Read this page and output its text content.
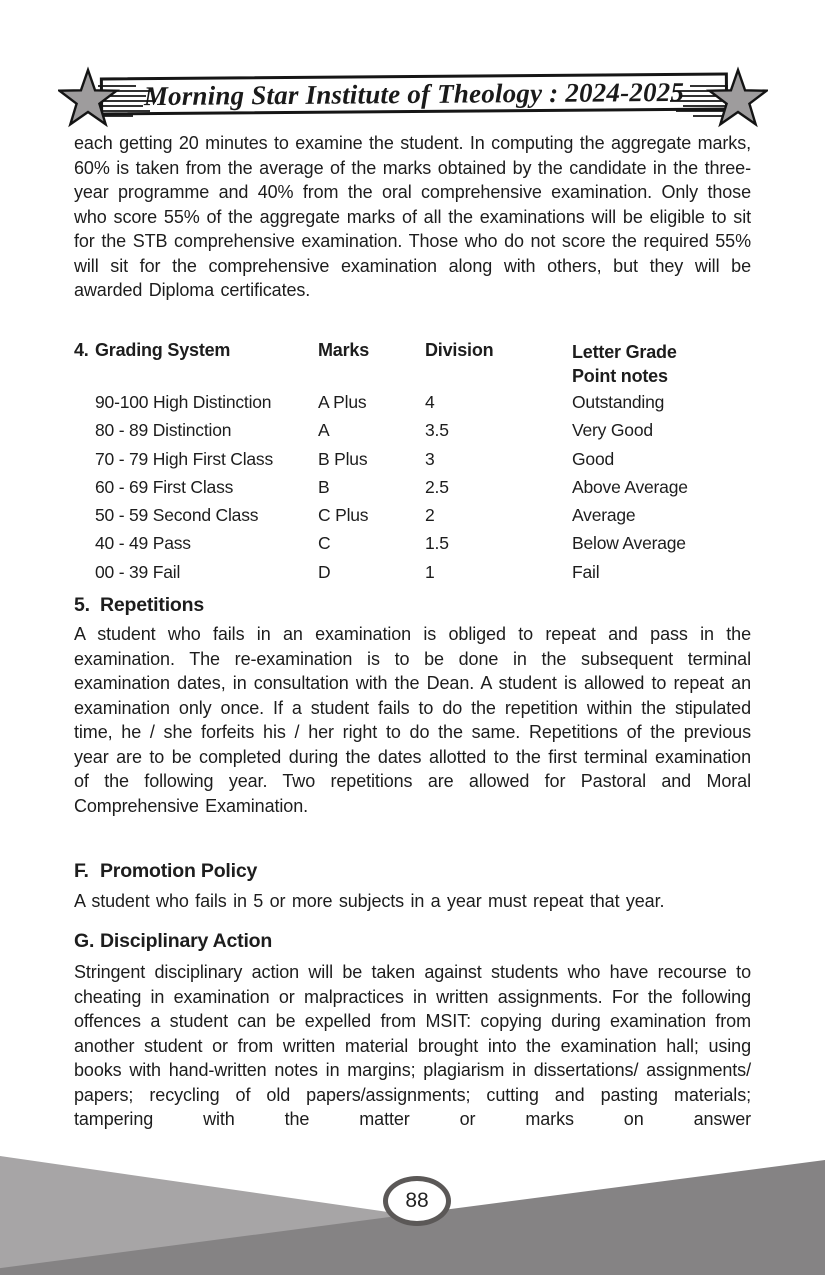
Morning Star Institute of Theology : 2024-2025

each getting 20 minutes to examine the student. In computing the aggregate marks, 60% is taken from the average of the marks obtained by the candidate in the three-year programme and 40% from the oral comprehensive examination. Only those who score 55% of the aggregate marks of all the examinations will be eligible to sit for the STB comprehensive examination. Those who do not score the required 55% will sit for the comprehensive examination along with others, but they will be awarded Diploma certificates.

4. Grading System	Marks	Division	Letter Grade
Point notes
90-100 High Distinction	A Plus	4	Outstanding
80 - 89 Distinction	A	3.5	Very Good
70 - 79 High First Class	B Plus	3	Good
60 - 69 First Class	B	2.5	Above Average
50 - 59 Second Class	C Plus	2	Average
40 - 49 Pass	C	1.5	Below Average
00 - 39 Fail	D	1	Fail
5. Repetitions

A student who fails in an examination is obliged to repeat and pass in the examination. The re-examination is to be done in the subsequent terminal examination dates, in consultation with the Dean. A student is allowed to repeat an examination only once. If a student fails to do the repetition within the stipulated time, he / she forfeits his / her right to do the same. Repetitions of the previous year are to be completed during the dates allotted to the first terminal examination of the following year. Two repetitions are allowed for Pastoral and Moral Comprehensive Examination.

F. Promotion Policy

A student who fails in 5 or more subjects in a year must repeat that year.

G. Disciplinary Action

Stringent disciplinary action will be taken against students who have recourse to cheating in examination or malpractices in written assignments. For the following offences a student can be expelled from MSIT: copying during examination from another student or from written material brought into the examination hall; using books with hand-written notes in margins; plagiarism in dissertations/ assignments/ papers; recycling of old papers/assignments; cutting and pasting materials; tampering with the matter or marks on answer

88
